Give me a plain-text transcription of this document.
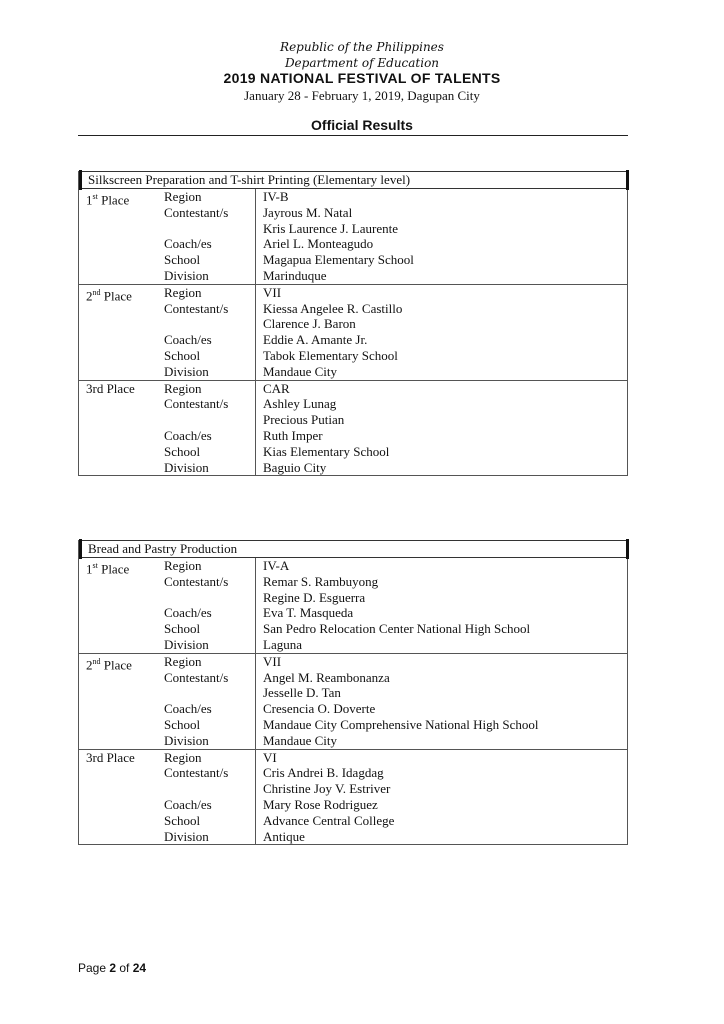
Republic of the Philippines
Department of Education
2019 NATIONAL FESTIVAL OF TALENTS
January 28 - February 1, 2019, Dagupan City
Official Results
Silkscreen Preparation and T-shirt Printing (Elementary level)
1st Place	Region	IV-B
Contestant/s	Jayrous M. Natal
Kris Laurence J. Laurente
Coach/es	Ariel L. Monteagudo
School	Magapua Elementary School
Division	Marinduque
2nd Place Region	VII
Contestant/s	Kiessa Angelee R. Castillo
Clarence J. Baron
Coach/es	Eddie A. Amante Jr.
School	Tabok Elementary School
Division	Mandaue City
3rd Place Region	CAR
Contestant/s	Ashley Lunag
Precious Putian
Coach/es	Ruth Imper
School	Kias Elementary School
Division	Baguio City
Bread and Pastry Production
1st Place	Region	IV-A
Contestant/s	Remar S. Rambuyong
Regine D. Esguerra
Coach/es	Eva T. Masqueda
School	San Pedro Relocation Center National High School
Division	Laguna
2nd Place Region	VII
Contestant/s	Angel M. Reambonanza
Jesselle D. Tan
Coach/es	Cresencia O. Doverte
School	Mandaue City Comprehensive National High School
Division	Mandaue City
3rd Place Region	VI
Contestant/s	Cris Andrei B. Idagdag
Christine Joy V. Estriver
Coach/es	Mary Rose Rodriguez
School	Advance Central College
Division	Antique
Page 2 of 24
